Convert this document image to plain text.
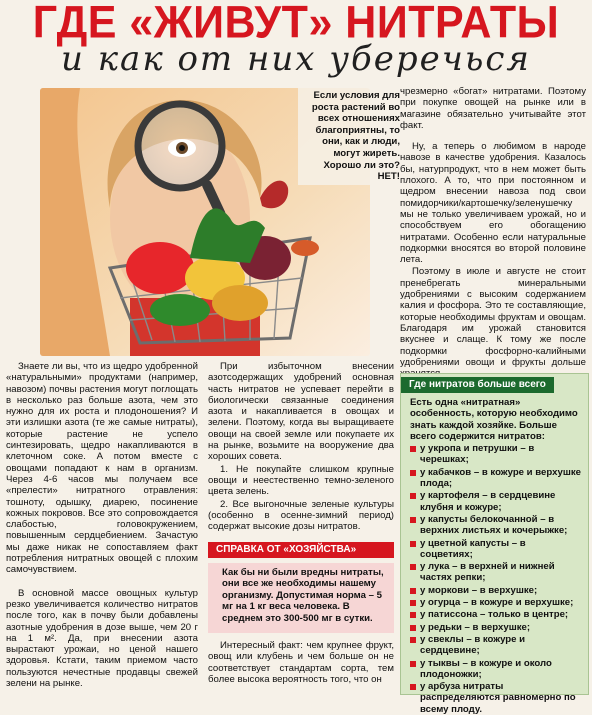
ГДЕ «ЖИВУТ» НИТРАТЫ
и как от них уберечься
Если условия для роста растений во всех отношениях благоприятны, то они, как и люди, могут жиреть. Хорошо ли это? НЕТ!

Знаете ли вы, что из щедро удобренной «натуральными» продуктами (например, навозом) почвы растения могут поглощать в несколько раз больше азота, чем это нужно для их роста и плодоношения? И эти излишки азота (те же самые нитраты), которые растение не успело синтезировать, щедро накапливаются в клеточном соке. А потом вместе с овощами попадают к нам в организм. Через 4-6 часов мы получаем все «прелести» нитратного отравления: тошноту, одышку, диарею, посинение кожных покровов. Все это сопровождается слабостью, головокружением, повышенным сердцебиением. Зачастую мы даже никак не сопоставляем факт потребления нитратных овощей с плохим самочувствием.

В основной массе овощных культур резко увеличивается количество нитратов после того, как в почву были добавлены азотные удобрения в дозе выше, чем 20 г на 1 м². Да, при внесении азота вырастают урожаи, но ценой нашего здоровья. Кстати, таким приемом часто пользуются нечестные продавцы свежей зелени на рынке.

При избыточном внесении азотсодержащих удобрений основная часть нитратов не успевает перейти в биологически связанные соединения азота и накапливается в овощах и зелени. Поэтому, когда вы выращиваете овощи на своей земле или покупаете их на рынке, возьмите на вооружение два хороших совета.

1. Не покупайте слишком крупные овощи и неестественно темно-зеленого цвета зелень.

2. Все выгоночные зеленые культуры (особенно в осенне-зимний период) содержат высокие дозы нитратов.

СПРАВКА ОТ «ХОЗЯЙСТВА»
Как бы ни были вредны нитраты, они все же необходимы нашему организму. Допустимая норма – 5 мг на 1 кг веса человека. В среднем это 300-500 мг в сутки.

Интересный факт: чем крупнее фрукт, овощ или клубень и чем больше он не соответствует стандартам сорта, тем более высока вероятность того, что он

чрезмерно «богат» нитратами. Поэтому при покупке овощей на рынке или в магазине обязательно учитывайте этот факт.

Ну, а теперь о любимом в народе навозе в качестве удобрения. Казалось бы, натурпродукт, что в нем может быть плохого. А то, что при постоянном и щедром внесении навоза под свои помидорчики/картошечку/зеленушечку мы не только увеличиваем урожай, но и способствуем его обогащению нитратами. Особенно если натуральные подкормки вносятся во второй половине лета.

Поэтому в июле и августе не стоит пренебрегать минеральными удобрениями с высоким содержанием калия и фосфора. Это те составляющие, которые необходимы фруктам и овощам. Благодаря им урожай становится вкуснее и слаще. К тому же после подкормки фосфорно-калийными удобрениями овощи и фрукты дольше

Где нитратов больше всего
Есть одна «нитратная» особенность, которую необходимо знать каждой хозяйке. Больше всего содержится нитратов:
у укропа и петрушки – в черешках;
у кабачков – в кожуре и верхушке плода;
у картофеля – в сердцевине клубня и кожуре;
у капусты белокочанной – в верхних листьях и кочерыжке;
у цветной капусты – в соцветиях;
у лука – в верхней и нижней частях репки;
у моркови – в верхушке;
у огурца – в кожуре и верхушке;
у патиссона – только в центре;
у редьки – в верхушке;
у свеклы – в кожуре и сердцевине;
у тыквы – в кожуре и около плодоножки;
у арбуза нитраты распределяются равномерно по всему плоду.
